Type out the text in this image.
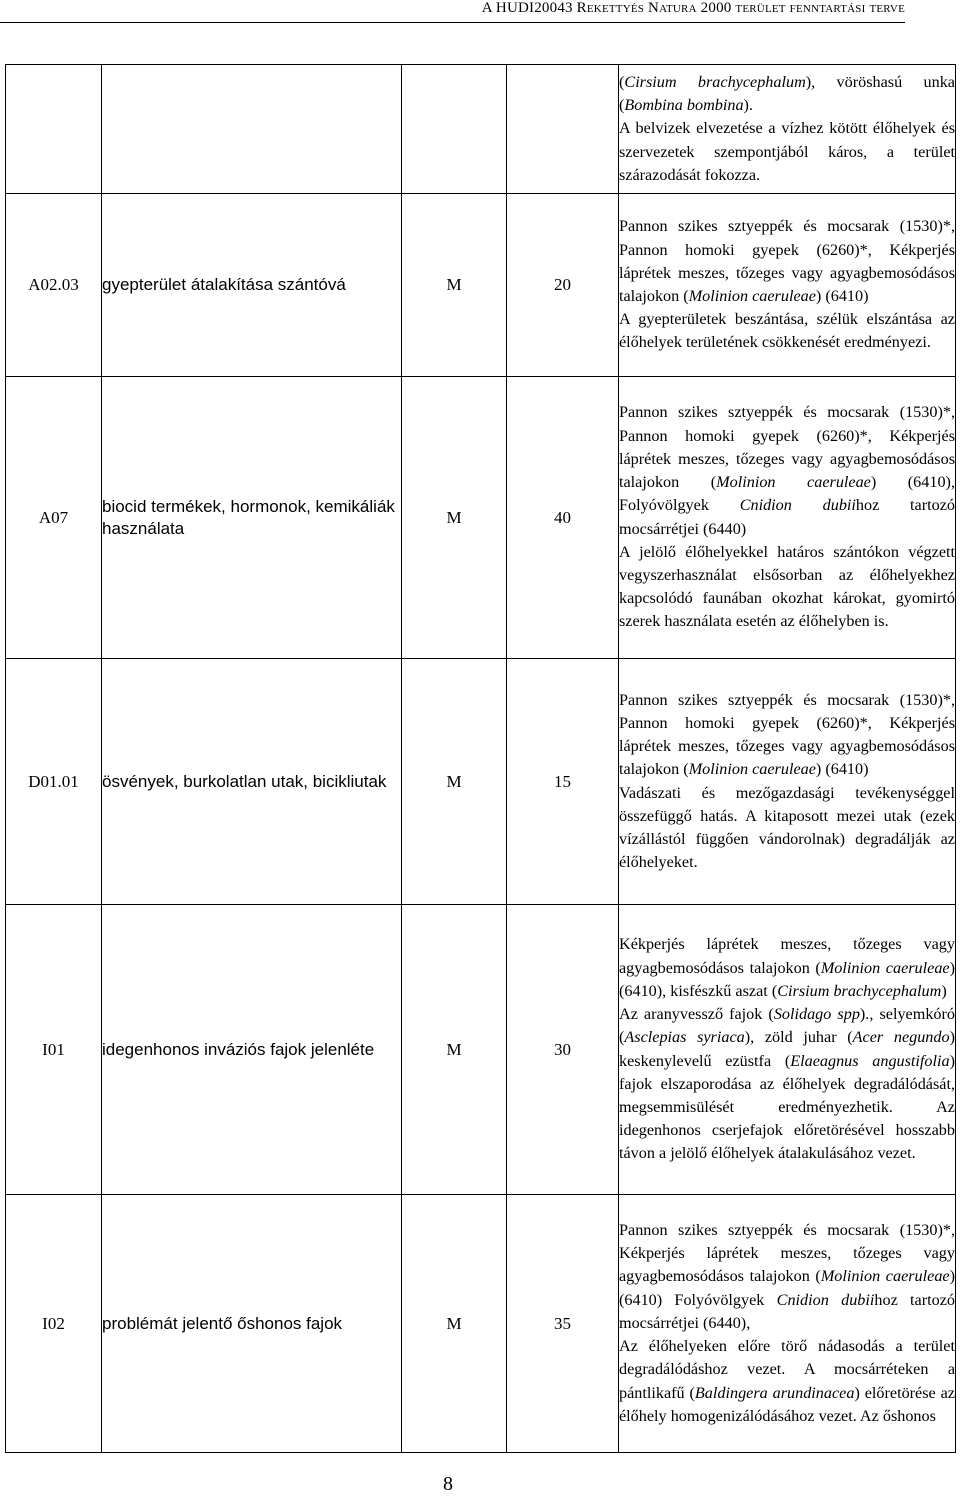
A HUDI20043 Rekettyés Natura 2000 terület fenntartási terve

				(Cirsium brachycephalum), vöröshasú unka (Bombina bombina).
A belvizek elvezetése a vízhez kötött élőhelyek és szervezetek szempontjából káros, a terület szárazodását fokozza.

A02.03	gyepterület átalakítása szántóvá	M	20	Pannon szikes sztyeppék és mocsarak (1530)*, Pannon homoki gyepek (6260)*, Kékperjés láprétek meszes, tőzeges vagy agyagbemosódásos talajokon (Molinion caeruleae) (6410)

A gyepterületek beszántása, szélük elszántása az élőhelyek területének csökkenését eredményezi.

A07	biocid termékek, hormonok, kemikáliák használata	M	40	Pannon szikes sztyeppék és mocsarak (1530)*, Pannon homoki gyepek (6260)*, Kékperjés láprétek meszes, tőzeges vagy agyagbemosódásos talajokon (Molinion caeruleae) (6410), Folyóvölgyek Cnidion dubiihoz tartozó mocsárrétjei (6440)

A jelölő élőhelyekkel határos szántókon végzett vegyszerhasználat elsősorban az élőhelyekhez kapcsolódó faunában okozhat károkat, gyomirtó szerek használata esetén az élőhelyben is.

D01.01	ösvények, burkolatlan utak, bicikliutak	M	15	Pannon szikes sztyeppék és mocsarak (1530)*, Pannon homoki gyepek (6260)*, Kékperjés láprétek meszes, tőzeges vagy agyagbemosódásos talajokon (Molinion caeruleae) (6410)

Vadászati és mezőgazdasági tevékenységgel összefüggő hatás. A kitaposott mezei utak (ezek vízállástól függően vándorolnak) degradálják az élőhelyeket.

I01	idegenhonos inváziós fajok jelenléte	M	30	Kékperjés láprétek meszes, tőzeges vagy agyagbemosódásos talajokon (Molinion caeruleae) (6410), kisfészkű aszat (Cirsium brachycephalum)

Az aranyvessző fajok (Solidago spp)., selyemkóró (Asclepias syriaca), zöld juhar (Acer negundo) keskenylevelű ezüstfa (Elaeagnus angustifolia) fajok elszaporodása az élőhelyek degradálódását, megsemmisülését eredményezhetik. Az idegenhonos cserjefajok előretörésével hosszabb távon a jelölő élőhelyek átalakulásához vezet.

I02	problémát jelentő őshonos fajok	M	35	Pannon szikes sztyeppék és mocsarak (1530)*, Kékperjés láprétek meszes, tőzeges vagy agyagbemosódásos talajokon (Molinion caeruleae) (6410) Folyóvölgyek Cnidion dubiihoz tartozó mocsárrétjei (6440),

Az élőhelyeken előre törő nádasodás a terület degradálódáshoz vezet. A mocsárréteken a pántlikafű (Baldingera arundinacea) előretörése az élőhely homogenizálódásához vezet. Az őshonos

8
